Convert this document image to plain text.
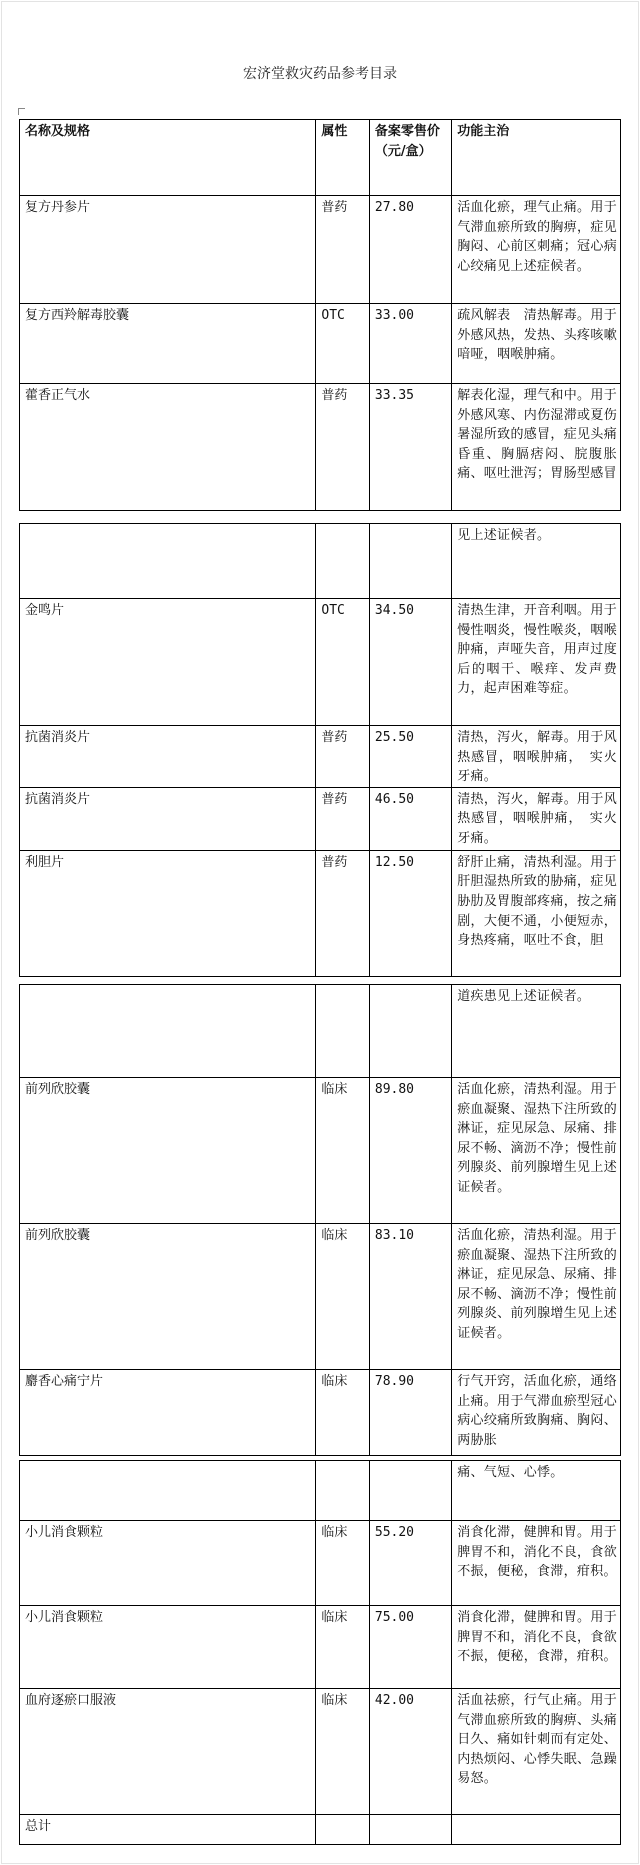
宏济堂救灾药品参考目录
名称及规格	属性	备案零售价（元/盒）	功能主治
复方丹参片	普药	27.80	活血化瘀，理气止痛。用于气滞血瘀所致的胸痹，症见胸闷、心前区刺痛；冠心病心绞痛见上述症候者。
复方西羚解毒胶囊	OTC	33.00	疏风解表　清热解毒。用于外感风热，发热、头疼咳嗽喑哑，咽喉肿痛。
藿香正气水	普药	33.35	解表化湿，理气和中。用于外感风寒、内伤湿滞或夏伤暑湿所致的感冒，症见头痛昏重、胸膈痞闷、脘腹胀痛、呕吐泄泻；胃肠型感冒
			见上述证候者。
金鸣片	OTC	34.50	清热生津，开音利咽。用于慢性咽炎，慢性喉炎，咽喉肿痛，声哑失音，用声过度后的咽干、喉痒、发声费力，起声困难等症。
抗菌消炎片	普药	25.50	清热，泻火，解毒。用于风热感冒，咽喉肿痛，　实火牙痛。
抗菌消炎片	普药	46.50	清热，泻火，解毒。用于风热感冒，咽喉肿痛，　实火牙痛。
利胆片	普药	12.50	舒肝止痛，清热利湿。用于肝胆湿热所致的胁痛，症见胁肋及胃腹部疼痛，按之痛剧，大便不通，小便短赤，身热疼痛，呕吐不食，胆
			道疾患见上述证候者。
前列欣胶囊	临床	89.80	活血化瘀，清热利湿。用于瘀血凝聚、湿热下注所致的淋证，症见尿急、尿痛、排尿不畅、滴沥不净；慢性前列腺炎、前列腺增生见上述证候者。
前列欣胶囊	临床	83.10	活血化瘀，清热利湿。用于瘀血凝聚、湿热下注所致的淋证，症见尿急、尿痛、排尿不畅、滴沥不净；慢性前列腺炎、前列腺增生见上述证候者。
麝香心痛宁片	临床	78.90	行气开窍，活血化瘀，通络止痛。用于气滞血瘀型冠心病心绞痛所致胸痛、胸闷、两胁胀
			痛、气短、心悸。
小儿消食颗粒	临床	55.20	消食化滞，健脾和胃。用于脾胃不和，消化不良，食欲不振，便秘，食滞，疳积。
小儿消食颗粒	临床	75.00	消食化滞，健脾和胃。用于脾胃不和，消化不良，食欲不振，便秘，食滞，疳积。
血府逐瘀口服液	临床	42.00	活血祛瘀，行气止痛。用于气滞血瘀所致的胸痹、头痛日久、痛如针刺而有定处、内热烦闷、心悸失眠、急躁易怒。
总计			
